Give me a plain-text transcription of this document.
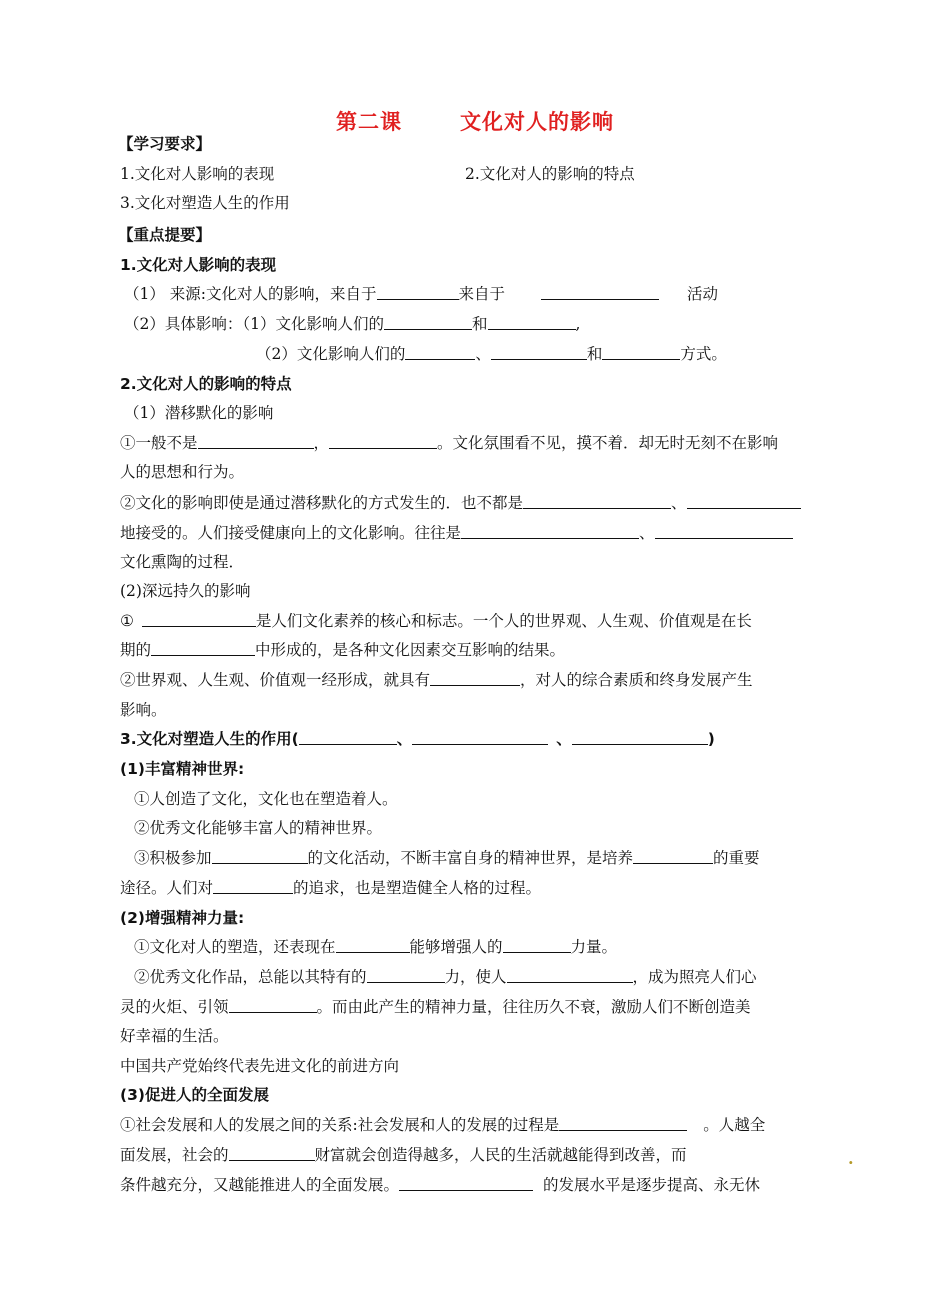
第二课	文化对人的影响
【学习要求】
1.文化对人影响的表现	2.文化对人的影响的特点
3.文化对塑造人生的作用
【重点提要】
1.文化对人影响的表现
（1） 来源:文化对人的影响，来自于	来自于	活动
（2）具体影响：（1）文化影响人们的	和	,
（2）文化影响人们的	、	和	方式。
2.文化对人的影响的特点
（1）潜移默化的影响
①一般不是	，	。文化氛围看不见，摸不着．却无时无刻不在影响
人的思想和行为。
②文化的影响即使是通过潜移默化的方式发生的．也不都是	、
地接受的。人们接受健康向上的文化影响。往往是	、
文化熏陶的过程．
(2)深远持久的影响
①	是人们文化素养的核心和标志。一个人的世界观、人生观、价值观是在长
期的	中形成的，是各种文化因素交互影响的结果。
②世界观、人生观、价值观一经形成，就具有	，对人的综合素质和终身发展产生
影响。
3.文化对塑造人生的作用(	、	、	)
(1)丰富精神世界:
①人创造了文化，文化也在塑造着人。
②优秀文化能够丰富人的精神世界。
③积极参加	的文化活动，不断丰富自身的精神世界，是培养	的重要
途径。人们对	的追求，也是塑造健全人格的过程。
(2)增强精神力量:
①文化对人的塑造，还表现在	能够增强人的	力量。
②优秀文化作品，总能以其特有的	力，使人	，成为照亮人们心
灵的火炬、引领	。而由此产生的精神力量，往往历久不衰，激励人们不断创造美
好幸福的生活。
中国共产党始终代表先进文化的前进方向
(3)促进人的全面发展
①社会发展和人的发展之间的关系:社会发展和人的发展的过程是	。人越全
面发展，社会的	财富就会创造得越多，人民的生活就越能得到改善，而	.
条件越充分，又越能推进人的全面发展。	的发展水平是逐步提高、永无休
